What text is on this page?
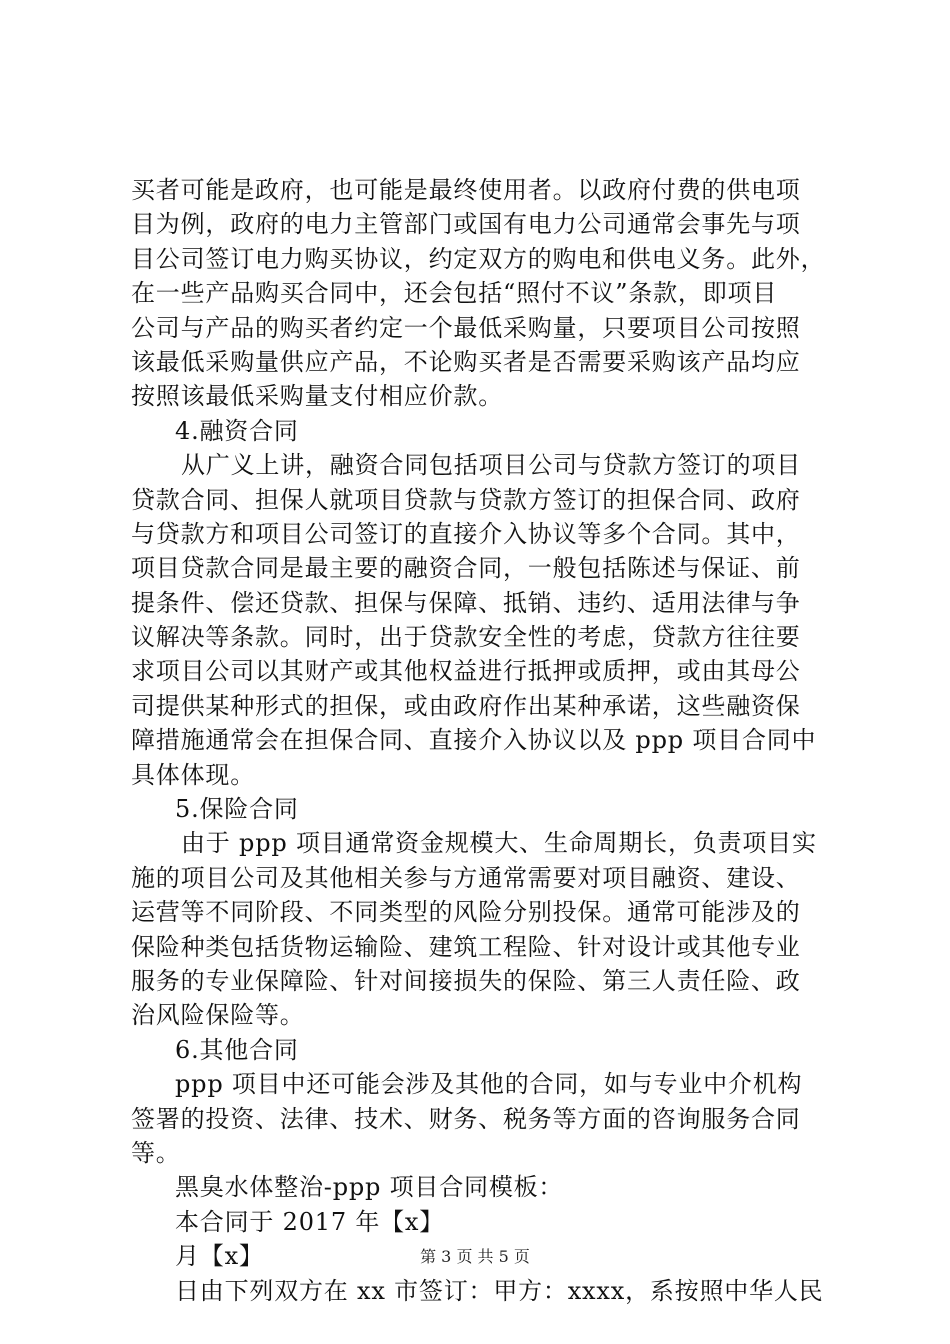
买者可能是政府，也可能是最终使用者。以政府付费的供电项
目为例，政府的电力主管部门或国有电力公司通常会事先与项
目公司签订电力购买协议，约定双方的购电和供电义务。此外，
在一些产品购买合同中，还会包括“照付不议”条款，即项目
公司与产品的购买者约定一个最低采购量，只要项目公司按照
该最低采购量供应产品，不论购买者是否需要采购该产品均应
按照该最低采购量支付相应价款。
4.融资合同
从广义上讲，融资合同包括项目公司与贷款方签订的项目
贷款合同、担保人就项目贷款与贷款方签订的担保合同、政府
与贷款方和项目公司签订的直接介入协议等多个合同。其中，
项目贷款合同是最主要的融资合同，一般包括陈述与保证、前
提条件、偿还贷款、担保与保障、抵销、违约、适用法律与争
议解决等条款。同时，出于贷款安全性的考虑，贷款方往往要
求项目公司以其财产或其他权益进行抵押或质押，或由其母公
司提供某种形式的担保，或由政府作出某种承诺，这些融资保
障措施通常会在担保合同、直接介入协议以及 ppp 项目合同中
具体体现。
5.保险合同
由于 ppp 项目通常资金规模大、生命周期长，负责项目实
施的项目公司及其他相关参与方通常需要对项目融资、建设、
运营等不同阶段、不同类型的风险分别投保。通常可能涉及的
保险种类包括货物运输险、建筑工程险、针对设计或其他专业
服务的专业保障险、针对间接损失的保险、第三人责任险、政
治风险保险等。
6.其他合同
ppp 项目中还可能会涉及其他的合同，如与专业中介机构
签署的投资、法律、技术、财务、税务等方面的咨询服务合同
等。
黑臭水体整治-ppp 项目合同模板：
本合同于 2017 年【x】
月【x】
日由下列双方在 xx 市签订：甲方：xxxx，系按照中华人民
第 3 页 共 5 页
